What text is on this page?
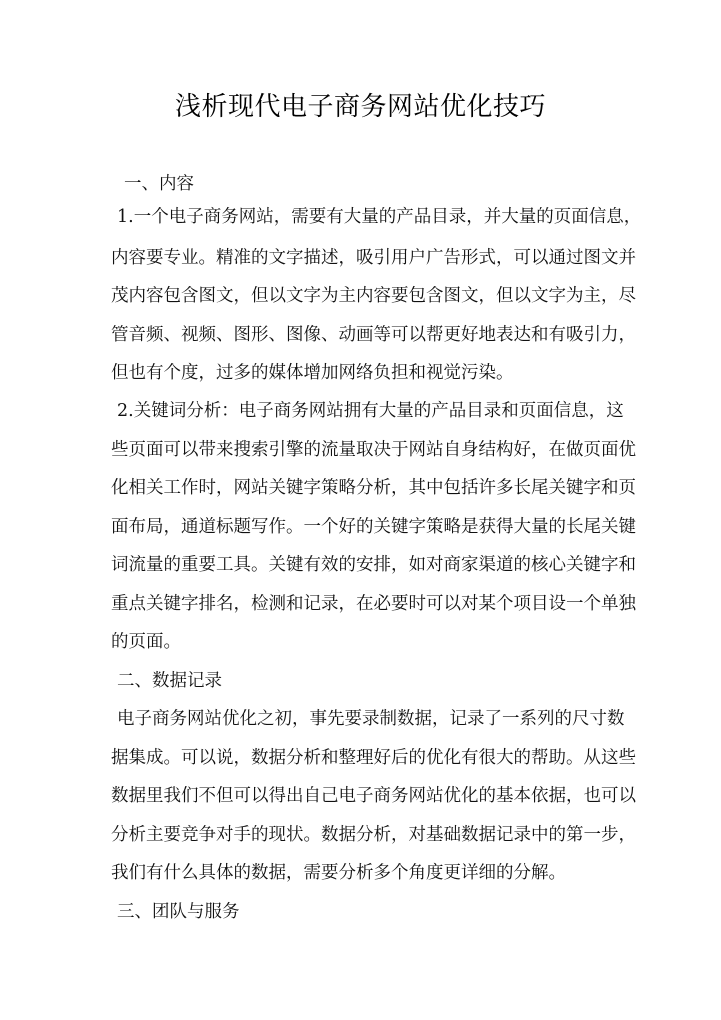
浅析现代电子商务网站优化技巧
一、内容
1.一个电子商务网站，需要有大量的产品目录，并大量的页面信息，
内容要专业。精准的文字描述，吸引用户广告形式，可以通过图文并
茂内容包含图文，但以文字为主内容要包含图文，但以文字为主，尽
管音频、视频、图形、图像、动画等可以帮更好地表达和有吸引力，
但也有个度，过多的媒体增加网络负担和视觉污染。
2.关键词分析：电子商务网站拥有大量的产品目录和页面信息，这
些页面可以带来搜索引擎的流量取决于网站自身结构好，在做页面优
化相关工作时，网站关键字策略分析，其中包括许多长尾关键字和页
面布局，通道标题写作。一个好的关键字策略是获得大量的长尾关键
词流量的重要工具。关键有效的安排，如对商家渠道的核心关键字和
重点关键字排名，检测和记录，在必要时可以对某个项目设一个单独
的页面。
二、数据记录
电子商务网站优化之初，事先要录制数据，记录了一系列的尺寸数
据集成。可以说，数据分析和整理好后的优化有很大的帮助。从这些
数据里我们不但可以得出自己电子商务网站优化的基本依据，也可以
分析主要竞争对手的现状。数据分析，对基础数据记录中的第一步，
我们有什么具体的数据，需要分析多个角度更详细的分解。
三、团队与服务
